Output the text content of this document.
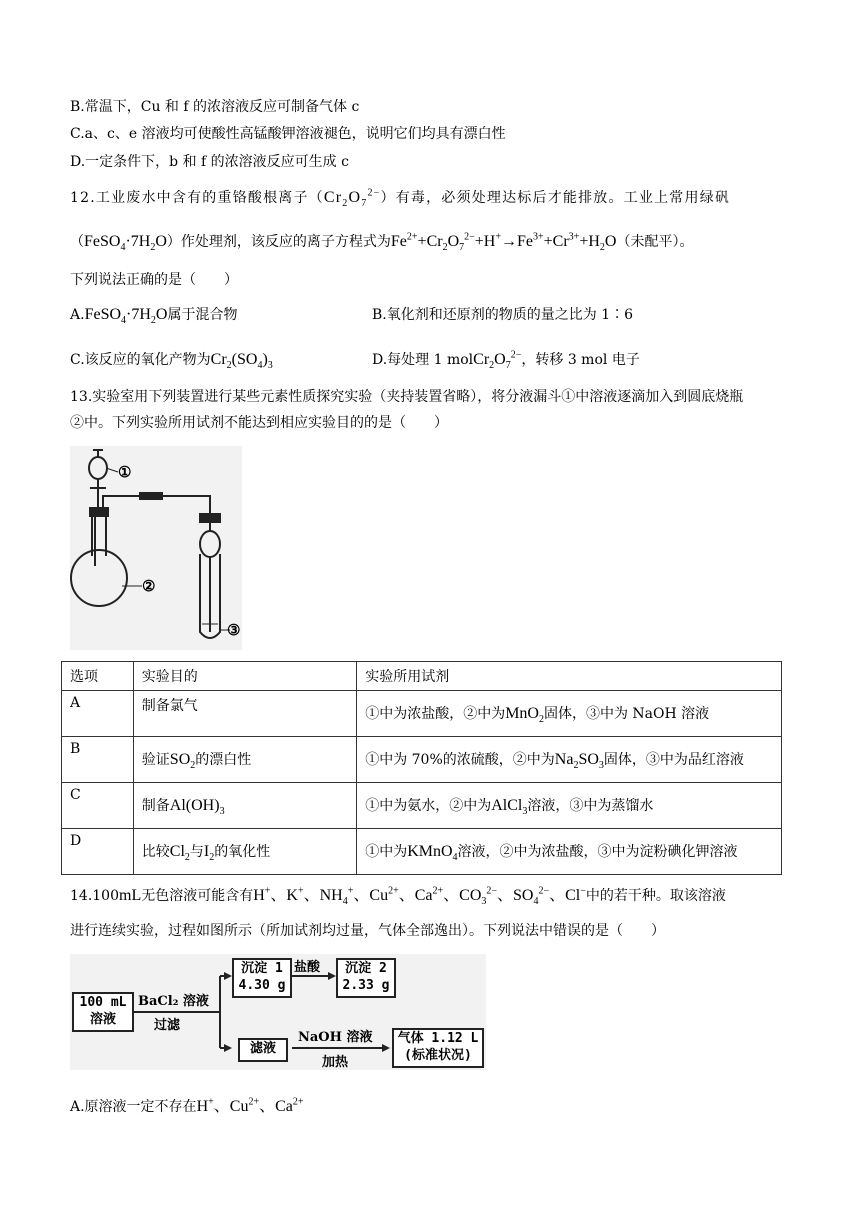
B.常温下，Cu 和 f 的浓溶液反应可制备气体 c
C.a、c、e 溶液均可使酸性高锰酸钾溶液褪色，说明它们均具有漂白性
D.一定条件下，b 和 f 的浓溶液反应可生成 c
12.工业废水中含有的重铬酸根离子$(Cr_2O_7^{2-})$有毒，必须处理达标后才能排放。工业上常用绿矾
$(FeSO_4\cdot 7H_2O)$作处理剂，该反应的离子方程式为$Fe^{2+}+Cr_2O_7^{2-}+H^+\to Fe^{3+}+Cr^{3+}+H_2O$（未配平）。
下列说法正确的是（　　）
$A.FeSO_4\cdot 7H_2O$属于混合物	B.氧化剂和还原剂的物质的量之比为 1∶6
C.该反应的氧化产物为$Cr_2(SO_4)_3$	D.每处理 1 $molCr_2O_7^{2-}$，转移 3 mol 电子
13.实验室用下列装置进行某些元素性质探究实验（夹持装置省略），将分液漏斗①中溶液逐滴加入到圆底烧瓶
②中。下列实验所用试剂不能达到相应实验目的的是（　　）
①
②
③
选项	实验目的	实验所用试剂

A	制备氯气	①中为浓盐酸，②中为MnO$_2$固体，③中为 NaOH 溶液

B	验证$SO_2$的漂白性	①中为 70%的浓硫酸，②中为$Na_2SO_3$固体，③中为品红溶液

C	制备$Al(OH)_3$	①中为氨水，②中为AlCl$_3$溶液，③中为蒸馏水

D	比较$Cl_2$与$I_2$的氧化性	①中为KMnO$_4$溶液，②中为浓盐酸，③中为淀粉碘化钾溶液
14.100mL无色溶液可能含有H+、K+、$NH_4^+$、$Cu^{2+}$、$Ca^{2+}$、$CO_3^{2-}$、$SO_4^{2-}$、Cl−中的若干种。取该溶液
进行连续实验，过程如图所示（所加试剂均过量，气体全部逸出）。下列说法中错误的是（　　）
100 mL
溶液
BaCl₂ 溶液
过滤
沉淀 1
4.30 g
盐酸	沉淀 2
2.33 g
滤液
NaOH 溶液
加热
气体 1.12 L
(标准状况)
A.原溶液一定不存在H+、$Cu^{2+}$、$Ca^{2+}$
